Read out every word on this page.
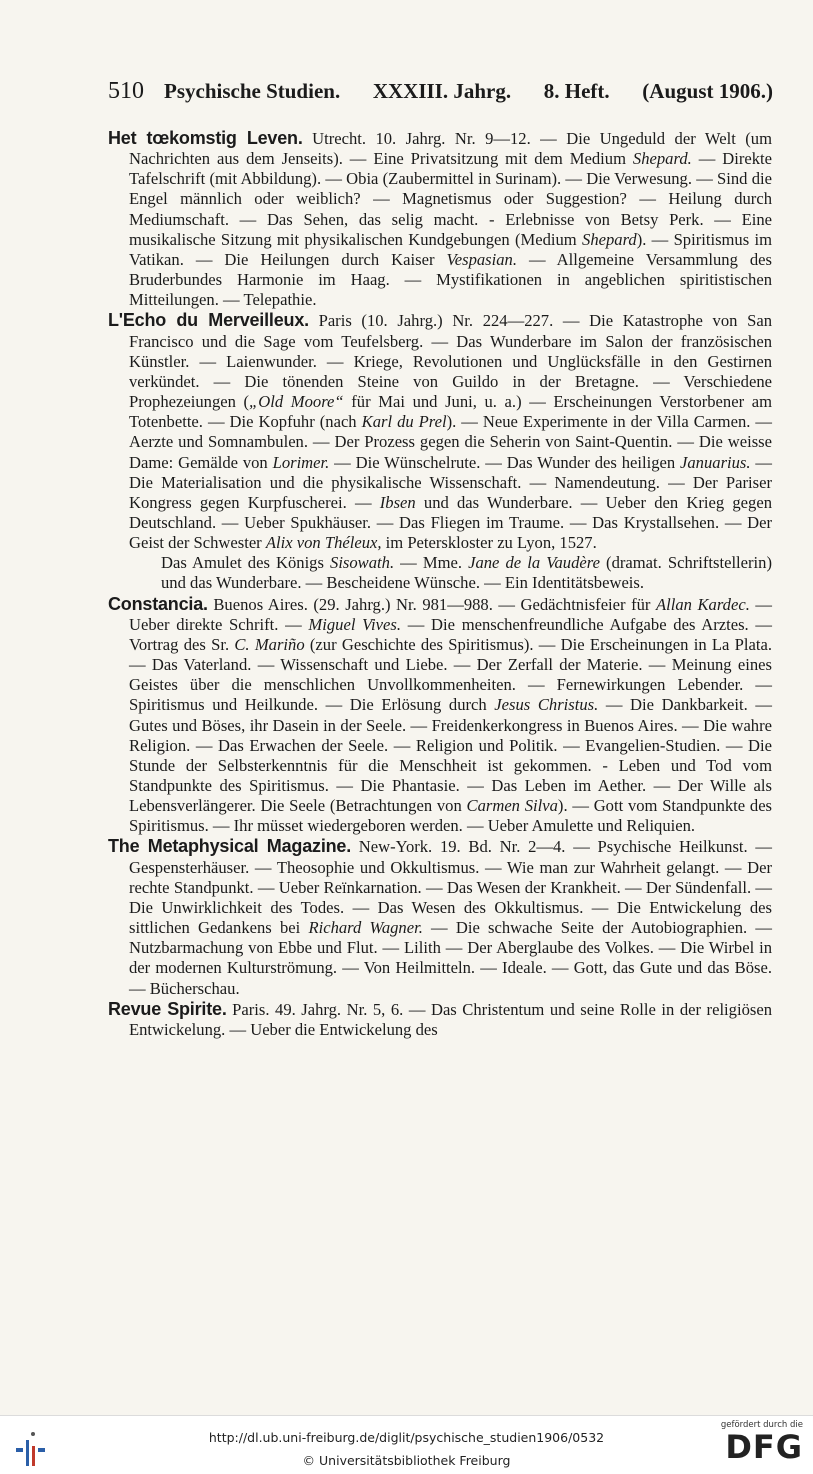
510 Psychische Studien. XXXIII. Jahrg. 8. Heft. (August 1906.)

Het tœkomstig Leven. Utrecht. 10. Jahrg. Nr. 9—12. — Die Ungeduld der Welt (um Nachrichten aus dem Jenseits). — Eine Privatsitzung mit dem Medium Shepard. — Direkte Tafelschrift (mit Abbildung). — Obia (Zaubermittel in Surinam). — Die Verwesung. — Sind die Engel männlich oder weiblich? — Magnetismus oder Suggestion? — Heilung durch Mediumschaft. — Das Sehen, das selig macht. - Erlebnisse von Betsy Perk. — Eine musikalische Sitzung mit physikalischen Kundgebungen (Medium Shepard). — Spiritismus im Vatikan. — Die Heilungen durch Kaiser Vespasian. — Allgemeine Versammlung des Bruderbundes Harmonie im Haag. — Mystifikationen in angeblichen spiritistischen Mitteilungen. — Telepathie.

L'Echo du Merveilleux. Paris (10. Jahrg.) Nr. 224—227. — Die Katastrophe von San Francisco und die Sage vom Teufelsberg. — Das Wunderbare im Salon der französischen Künstler. — Laienwunder. — Kriege, Revolutionen und Unglücksfälle in den Gestirnen verkündet. — Die tönenden Steine von Guildo in der Bretagne. — Verschiedene Prophezeiungen („Old Moore“ für Mai und Juni, u. a.) — Erscheinungen Verstorbener am Totenbette. — Die Kopfuhr (nach Karl du Prel). — Neue Experimente in der Villa Carmen. — Aerzte und Somnambulen. — Der Prozess gegen die Seherin von Saint-Quentin. — Die weisse Dame: Gemälde von Lorimer. — Die Wünschelrute. — Das Wunder des heiligen Januarius. — Die Materialisation und die physikalische Wissenschaft. — Namendeutung. — Der Pariser Kongress gegen Kurpfuscherei. — Ibsen und das Wunderbare. — Ueber den Krieg gegen Deutschland. — Ueber Spukhäuser. — Das Fliegen im Traume. — Das Krystallsehen. — Der Geist der Schwester Alix von Théleux, im Peterskloster zu Lyon, 1527.
Das Amulet des Königs Sisowath. — Mme. Jane de la Vaudère (dramat. Schriftstellerin) und das Wunderbare. — Bescheidene Wünsche. — Ein Identitätsbeweis.

Constancia. Buenos Aires. (29. Jahrg.) Nr. 981—988. — Gedächtnisfeier für Allan Kardec. — Ueber direkte Schrift. — Miguel Vives. — Die menschenfreundliche Aufgabe des Arztes. — Vortrag des Sr. C. Mariño (zur Geschichte des Spiritismus). — Die Erscheinungen in La Plata. — Das Vaterland. — Wissenschaft und Liebe. — Der Zerfall der Materie. — Meinung eines Geistes über die menschlichen Unvollkommenheiten. — Fernewirkungen Lebender. — Spiritismus und Heilkunde. — Die Erlösung durch Jesus Christus. — Die Dankbarkeit. — Gutes und Böses, ihr Dasein in der Seele. — Freidenkerkongress in Buenos Aires. — Die wahre Religion. — Das Erwachen der Seele. — Religion und Politik. — Evangelien-Studien. — Die Stunde der Selbsterkenntnis für die Menschheit ist gekommen. - Leben und Tod vom Standpunkte des Spiritismus. — Die Phantasie. — Das Leben im Aether. — Der Wille als Lebensverlängerer. Die Seele (Betrachtungen von Carmen Silva). — Gott vom Standpunkte des Spiritismus. — Ihr müsset wiedergeboren werden. — Ueber Amulette und Reliquien.

The Metaphysical Magazine. New-York. 19. Bd. Nr. 2—4. — Psychische Heilkunst. — Gespensterhäuser. — Theosophie und Okkultismus. — Wie man zur Wahrheit gelangt. — Der rechte Standpunkt. — Ueber Reïnkarnation. — Das Wesen der Krankheit. — Der Sündenfall. — Die Unwirklichkeit des Todes. — Das Wesen des Okkultismus. — Die Entwickelung des sittlichen Gedankens bei Richard Wagner. — Die schwache Seite der Autobiographien. — Nutzbarmachung von Ebbe und Flut. — Lilith — Der Aberglaube des Volkes. — Die Wirbel in der modernen Kulturströmung. — Von Heilmitteln. — Ideale. — Gott, das Gute und das Böse. — Bücherschau.

Revue Spirite. Paris. 49. Jahrg. Nr. 5, 6. — Das Christentum und seine Rolle in der religiösen Entwickelung. — Ueber die Entwickelung des

http://dl.ub.uni-freiburg.de/diglit/psychische_studien1906/0532
© Universitätsbibliothek Freiburg
gefördert durch die
DFG
